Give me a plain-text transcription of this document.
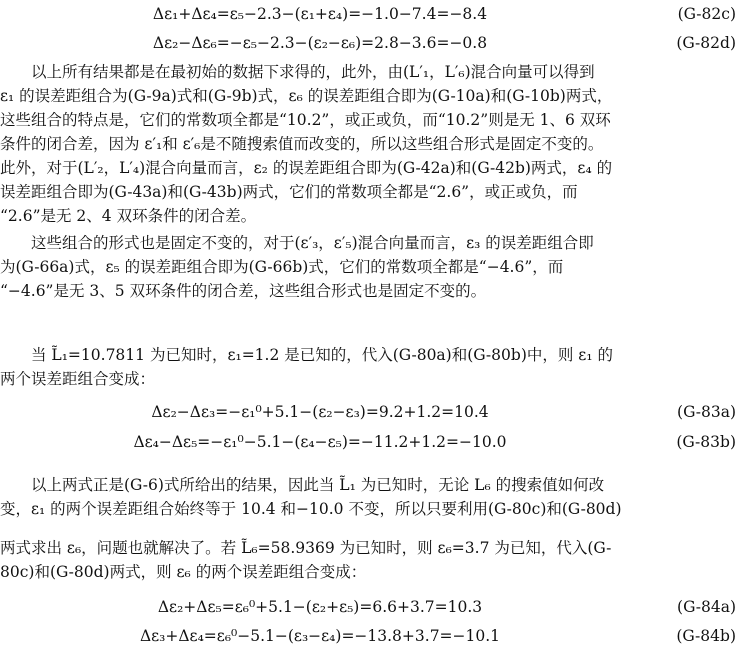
Δε₁+Δε₄=ε₅−2.3−(ε₁+ε₄)=−1.0−7.4=−8.4	(G-82c)
Δε₂−Δε₆=−ε₅−2.3−(ε₂−ε₆)=2.8−3.6=−0.8	(G-82d)
　　以上所有结果都是在最初始的数据下求得的，此外，由(L′₁，L′₆)混合向量可以得到
ε₁ 的误差距组合为(G-9a)式和(G-9b)式，ε₆ 的误差距组合即为(G-10a)和(G-10b)两式，
这些组合的特点是，它们的常数项全都是“10.2”，或正或负，而“10.2”则是无 1、6 双环
条件的闭合差，因为 ε′₁和 ε′₆是不随搜索值而改变的，所以这些组合形式是固定不变的。
此外，对于(L′₂，L′₄)混合向量而言，ε₂ 的误差距组合即为(G-42a)和(G-42b)两式，ε₄ 的
误差距组合即为(G-43a)和(G-43b)两式，它们的常数项全都是“2.6”，或正或负，而
“2.6”是无 2、4 双环条件的闭合差。
　　这些组合的形式也是固定不变的，对于(ε′₃，ε′₅)混合向量而言，ε₃ 的误差距组合即
为(G-66a)式，ε₅ 的误差距组合即为(G-66b)式，它们的常数项全都是“−4.6”，而
“−4.6”是无 3、5 双环条件的闭合差，这些组合形式也是固定不变的。
　　当 L̃₁=10.7811 为已知时，ε₁=1.2 是已知的，代入(G-80a)和(G-80b)中，则 ε₁ 的
两个误差距组合变成：
Δε₂−Δε₃=−ε₁⁰+5.1−(ε₂−ε₃)=9.2+1.2=10.4	(G-83a)
Δε₄−Δε₅=−ε₁⁰−5.1−(ε₄−ε₅)=−11.2+1.2=−10.0	(G-83b)
　　以上两式正是(G-6)式所给出的结果，因此当 L̃₁ 为已知时，无论 L₆ 的搜索值如何改
变，ε₁ 的两个误差距组合始终等于 10.4 和−10.0 不变，所以只要利用(G-80c)和(G-80d)
两式求出 ε₆，问题也就解决了。若 L̃₆=58.9369 为已知时，则 ε₆=3.7 为已知，代入(G-
80c)和(G-80d)两式，则 ε₆ 的两个误差距组合变成：
Δε₂+Δε₅=ε₆⁰+5.1−(ε₂+ε₅)=6.6+3.7=10.3	(G-84a)
Δε₃+Δε₄=ε₆⁰−5.1−(ε₃−ε₄)=−13.8+3.7=−10.1	(G-84b)
